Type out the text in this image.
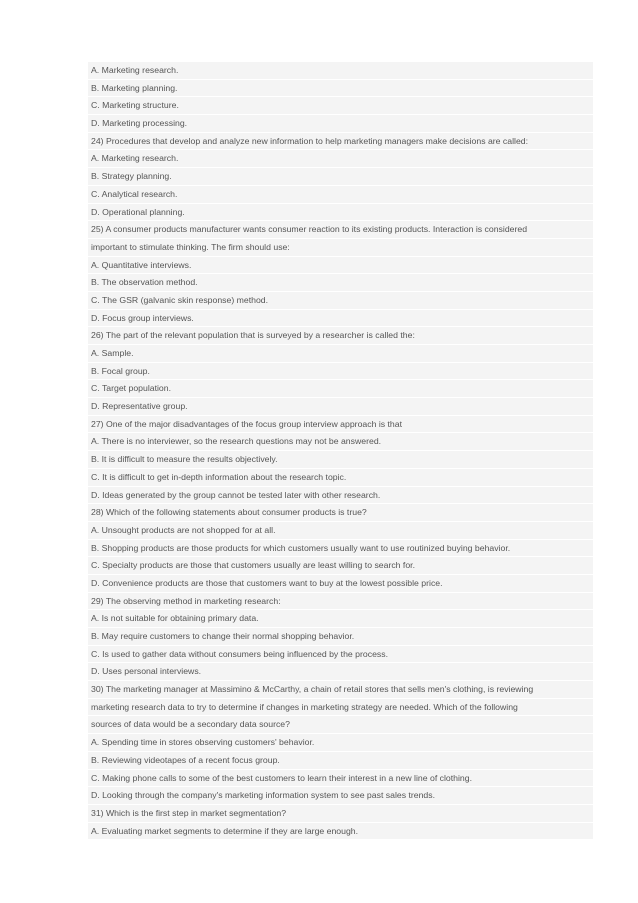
A. Marketing research.
B. Marketing planning.
C. Marketing structure.
D. Marketing processing.
24) Procedures that develop and analyze new information to help marketing managers make decisions are called:
A. Marketing research.
B. Strategy planning.
C. Analytical research.
D. Operational planning.
25) A consumer products manufacturer wants consumer reaction to its existing products. Interaction is considered
important to stimulate thinking. The firm should use:
A. Quantitative interviews.
B. The observation method.
C. The GSR (galvanic skin response) method.
D. Focus group interviews.
26) The part of the relevant population that is surveyed by a researcher is called the:
A. Sample.
B. Focal group.
C. Target population.
D. Representative group.
27) One of the major disadvantages of the focus group interview approach is that
A. There is no interviewer, so the research questions may not be answered.
B. It is difficult to measure the results objectively.
C. It is difficult to get in-depth information about the research topic.
D. Ideas generated by the group cannot be tested later with other research.
28) Which of the following statements about consumer products is true?
A. Unsought products are not shopped for at all.
B. Shopping products are those products for which customers usually want to use routinized buying behavior.
C. Specialty products are those that customers usually are least willing to search for.
D. Convenience products are those that customers want to buy at the lowest possible price.
29) The observing method in marketing research:
A. Is not suitable for obtaining primary data.
B. May require customers to change their normal shopping behavior.
C. Is used to gather data without consumers being influenced by the process.
D. Uses personal interviews.
30) The marketing manager at Massimino & McCarthy, a chain of retail stores that sells men's clothing, is reviewing
marketing research data to try to determine if changes in marketing strategy are needed. Which of the following
sources of data would be a secondary data source?
A. Spending time in stores observing customers' behavior.
B. Reviewing videotapes of a recent focus group.
C. Making phone calls to some of the best customers to learn their interest in a new line of clothing.
D. Looking through the company's marketing information system to see past sales trends.
31) Which is the first step in market segmentation?
A. Evaluating market segments to determine if they are large enough.
